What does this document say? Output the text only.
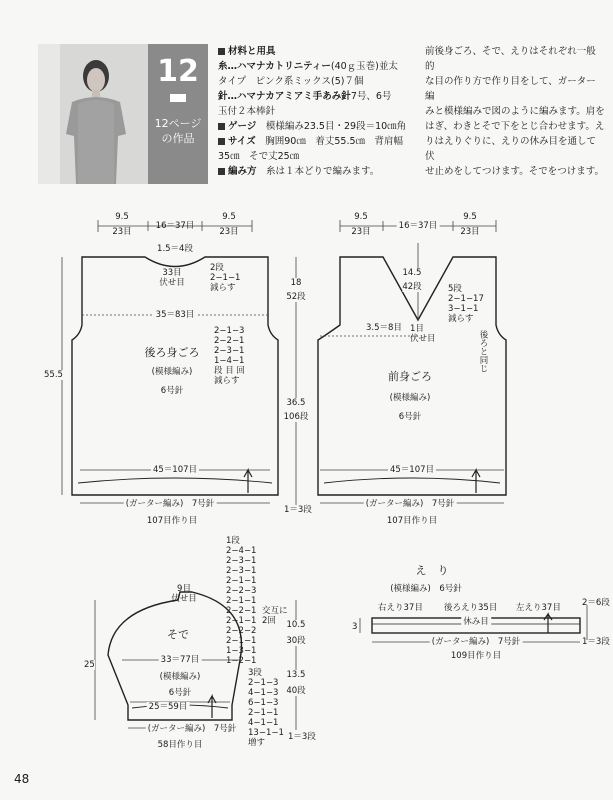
12
12ページ
の作品
材料と用具
糸…ハマナカトリニティー(40ｇ玉巻)並太
タイプ　ピンク系ミックス(5)７個
針…ハマナカアミアミ手あみ針7号、6号
玉付２本棒針
ゲージ　 模様編み23.5目・29段＝10㎝角
サイズ　 胸囲90㎝　着丈55.5㎝　背肩幅
35㎝　そで丈25㎝
編み方　 糸は１本どりで編みます。
前後身ごろ、そで、えりはそれぞれ一般的
な目の作り方で作り目をして、ガーター編
みと模様編みで図のように編みます。肩を
はぎ、わきとそで下をとじ合わせます。え
りはえりぐりに、えりの休み目を通して伏
せ止めをしてつけます。そでをつけます。
9.5
23目
16＝37目
9.5
23目
1.5＝4段
33目
伏せ目
2段
2−1−1
減らす
35＝83目
2−1−3
2−2−1
2−3−1
1−4−1
段 目 回
減らす
後ろ身ごろ
(模様編み)
6号針
55.5
45＝107目
(ガーター編み)　7号針
107目作り目
1＝3段
9.5
23目
16＝37目
9.5
23目
14.5
42段	5段
2−1−17
3−1−1
減らす
1目
伏せ目
3.5＝8目
18
52段
36.5
106段
後ろと同じ
前身ごろ
(模様編み)
6号針
45＝107目
(ガーター編み)　7号針
107目作り目
9目
伏せ目
1段
2−4−1
2−3−1
2−3−1
2−1−1
2−2−3
2−1−1
2−2−1
2−1−1
2−2−2
2−1−1
1−3−1
1−2−1
交互に
2回	10.5
30段
そで
33＝77目
(模様編み)
6号針
25＝59目
(ガーター編み)　7号針
58目作り目
25
3段
2−1−3
4−1−3
6−1−3
2−1−1
4−1−1
13−1−1
増す
13.5
40段
1＝3段
え　り
(模様編み)　6号針
右えり37目 後ろえり35目 左えり37目
休み目
(ガーター編み)　7号針
109目作り目
3
2＝6段
1＝3段
48
